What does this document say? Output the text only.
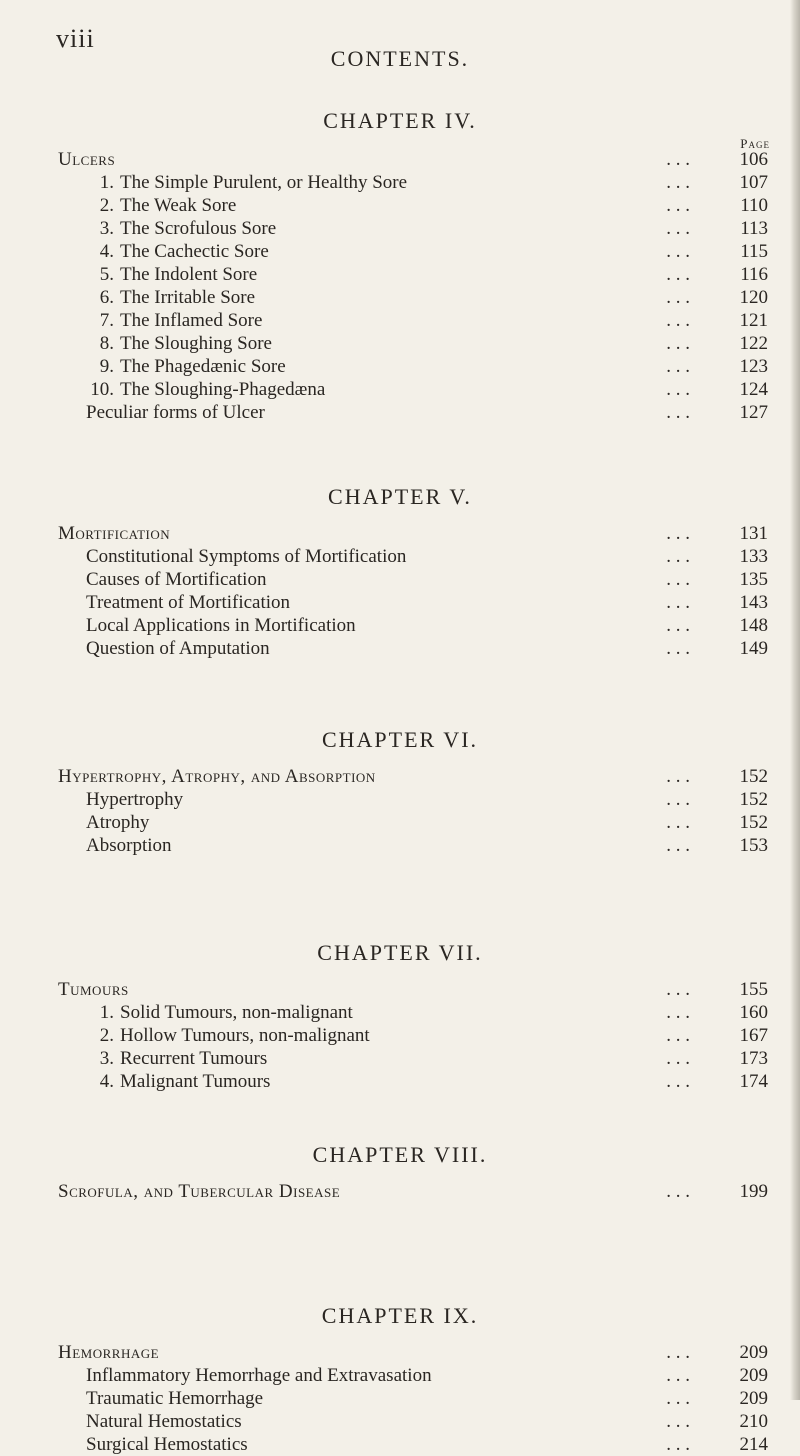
viii
CONTENTS.
CHAPTER IV.
Page
Ulcers	. . .	106
1. The Simple Purulent, or Healthy Sore	. . .	107
2. The Weak Sore	. . .	110
3. The Scrofulous Sore	. . .	113
4. The Cachectic Sore	. . .	115
5. The Indolent Sore	. . .	116
6. The Irritable Sore	. . .	120
7. The Inflamed Sore	. . .	121
8. The Sloughing Sore	. . .	122
9. The Phagedænic Sore	. . .	123
10. The Sloughing-Phagedæna	. . .	124
Peculiar forms of Ulcer	. . .	127
CHAPTER V.
Mortification	. . .	131
Constitutional Symptoms of Mortification	. . .	133
Causes of Mortification	. . .	135
Treatment of Mortification	. . .	143
Local Applications in Mortification	. . .	148
Question of Amputation	. . .	149
CHAPTER VI.
Hypertrophy, Atrophy, and Absorption	. . .	152
Hypertrophy	. . .	152
Atrophy	. . .	152
Absorption	. . .	153
CHAPTER VII.
Tumours	. . .	155
1. Solid Tumours, non-malignant	. . .	160
2. Hollow Tumours, non-malignant	. . .	167
3. Recurrent Tumours	. . .	173
4. Malignant Tumours	. . .	174
CHAPTER VIII.
Scrofula, and Tubercular Disease	. . .	199
CHAPTER IX.
Hemorrhage	. . .	209
Inflammatory Hemorrhage and Extravasation	. . .	209
Traumatic Hemorrhage	. . .	209
Natural Hemostatics	. . .	210
Surgical Hemostatics	. . .	214
